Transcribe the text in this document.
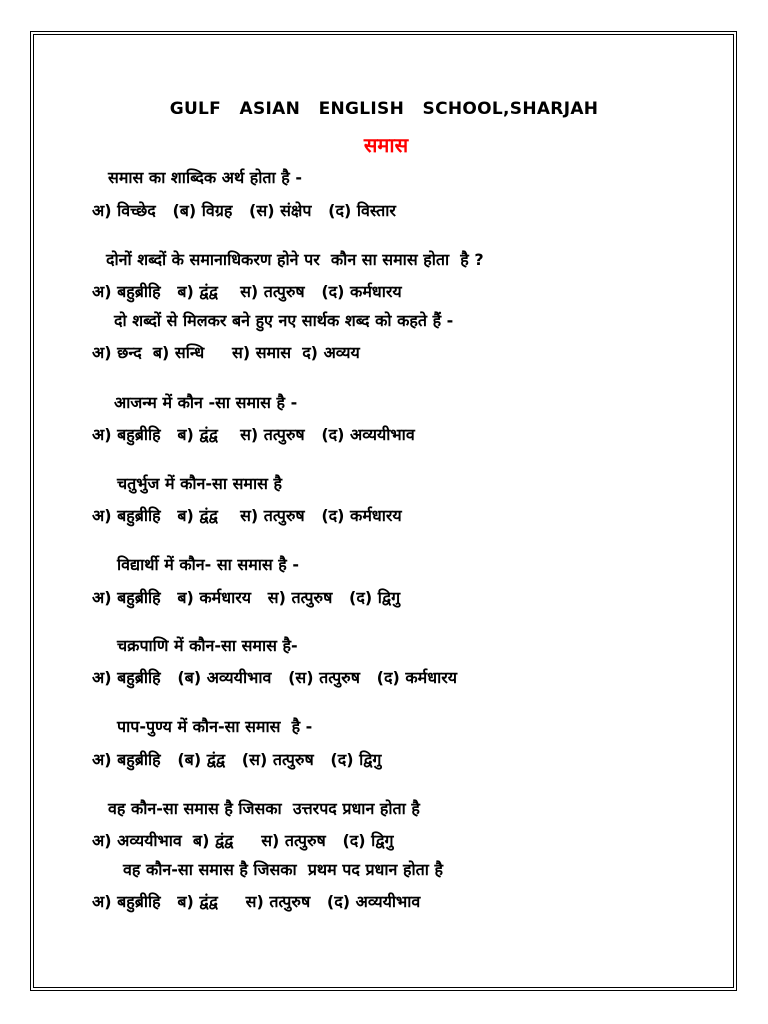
GULF  ASIAN  ENGLISH  SCHOOL,SHARJAH
समास
समास का शाब्दिक अर्थ होता है -
अ) विच्छेद   (ब) विग्रह   (स) संक्षेप   (द) विस्तार
दोनों शब्दों के समानाधिकरण होने पर  कौन सा समास होता  है ?
अ) बहुब्रीहि   ब) द्वंद्व    स) तत्पुरुष   (द) कर्मधारय
दो शब्दों से मिलकर बने हुए नए सार्थक शब्द को कहते हैं -
अ) छन्द  ब) सन्धि     स) समास  द) अव्यय
आजन्म में कौन -सा समास है -
अ) बहुब्रीहि   ब) द्वंद्व    स) तत्पुरुष   (द) अव्ययीभाव
चतुर्भुज में कौन-सा समास है
अ) बहुब्रीहि   ब) द्वंद्व    स) तत्पुरुष   (द) कर्मधारय
विद्यार्थी में कौन- सा समास है -
अ) बहुब्रीहि   ब) कर्मधारय   स) तत्पुरुष   (द) द्विगु
चक्रपाणि में कौन-सा समास है-
अ) बहुब्रीहि   (ब) अव्ययीभाव   (स) तत्पुरुष   (द) कर्मधारय
पाप-पुण्य में कौन-सा समास  है -
अ) बहुब्रीहि   (ब) द्वंद्व   (स) तत्पुरुष   (द) द्विगु
वह कौन-सा समास है जिसका  उत्तरपद प्रधान होता है
अ) अव्ययीभाव  ब) द्वंद्व     स) तत्पुरुष   (द) द्विगु
वह कौन-सा समास है जिसका  प्रथम पद प्रधान होता है
अ) बहुब्रीहि   ब) द्वंद्व     स) तत्पुरुष   (द) अव्ययीभाव
